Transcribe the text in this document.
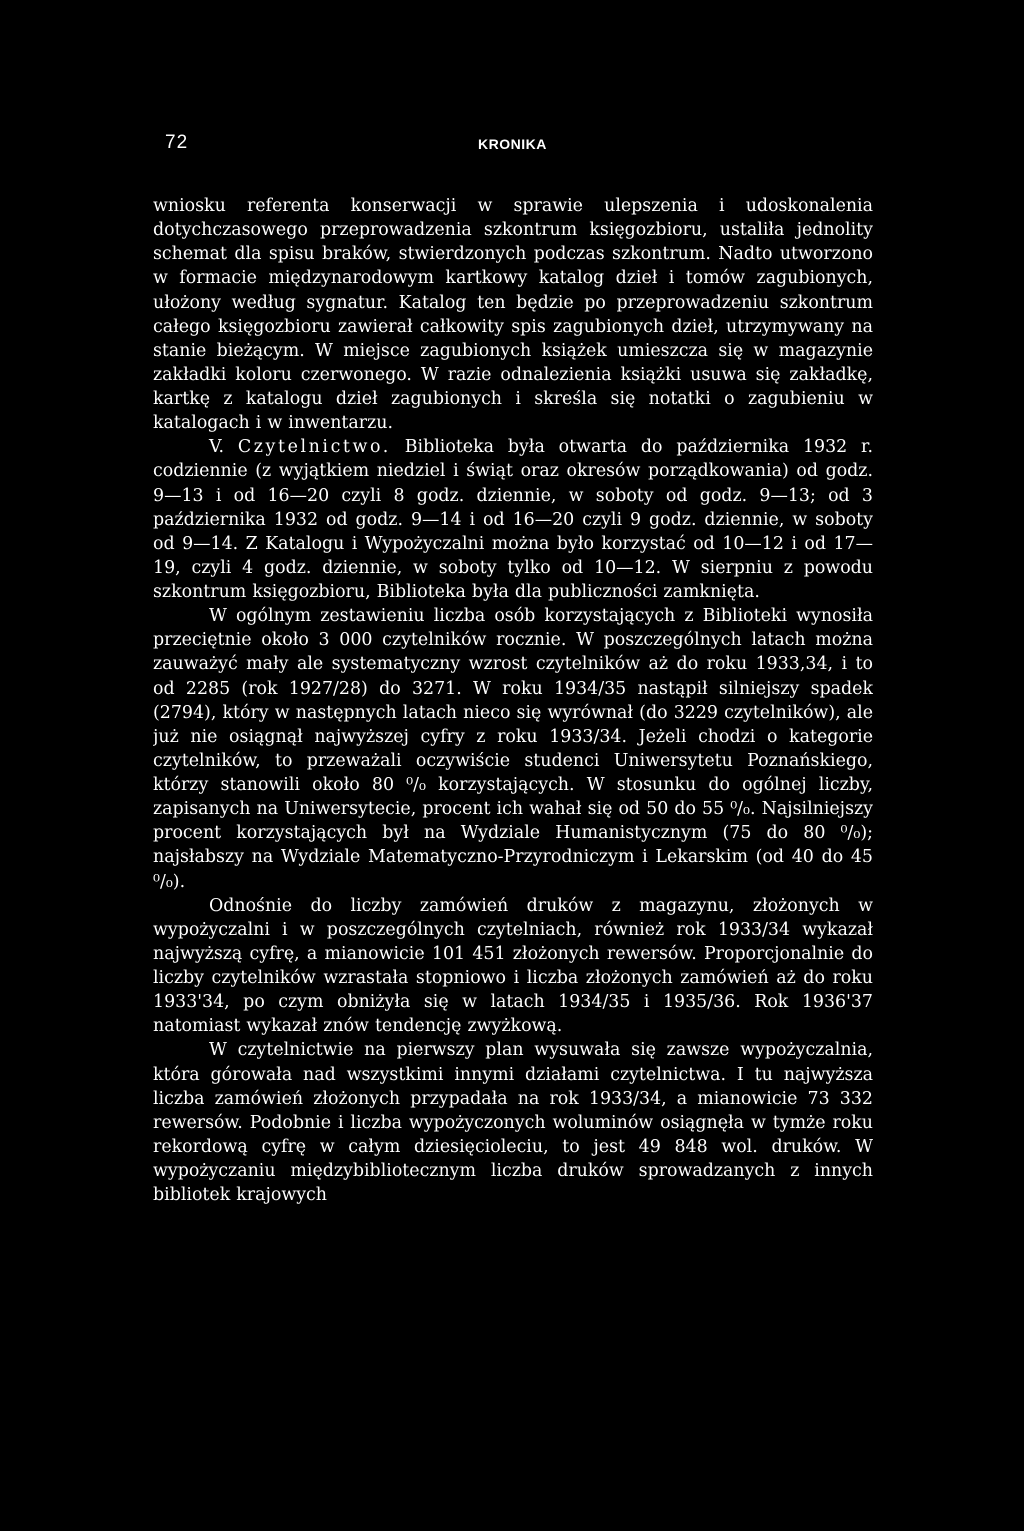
72	KRONIKA

wniosku referenta konserwacji w sprawie ulepszenia i udoskonalenia dotychczasowego przeprowadzenia szkontrum księgozbioru, ustaliła jednolity schemat dla spisu braków, stwierdzonych podczas szkontrum. Nadto utworzono w formacie międzynarodowym kartkowy katalog dzieł i tomów zagubionych, ułożony według sygnatur. Katalog ten będzie po przeprowadzeniu szkontrum całego księgozbioru zawierał całkowity spis zagubionych dzieł, utrzymywany na stanie bieżącym. W miejsce zagubionych książek umieszcza się w magazynie zakładki koloru czerwonego. W razie odnalezienia książki usuwa się zakładkę, kartkę z katalogu dzieł zagubionych i skreśla się notatki o zagubieniu w katalogach i w inwentarzu.

V. Czytelnictwo. Biblioteka była otwarta do października 1932 r. codziennie (z wyjątkiem niedziel i świąt oraz okresów porządkowania) od godz. 9—13 i od 16—20 czyli 8 godz. dziennie, w soboty od godz. 9—13; od 3 października 1932 od godz. 9—14 i od 16—20 czyli 9 godz. dziennie, w soboty od 9—14. Z Katalogu i Wypożyczalni można było korzystać od 10—12 i od 17—19, czyli 4 godz. dziennie, w soboty tylko od 10—12. W sierpniu z powodu szkontrum księgozbioru, Biblioteka była dla publiczności zamknięta.

W ogólnym zestawieniu liczba osób korzystających z Biblioteki wynosiła przeciętnie około 3 000 czytelników rocznie. W poszczególnych latach można zauważyć mały ale systematyczny wzrost czytelników aż do roku 1933,34, i to od 2285 (rok 1927/28) do 3271. W roku 1934/35 nastąpił silniejszy spadek (2794), który w następnych latach nieco się wyrównał (do 3229 czytelników), ale już nie osiągnął najwyższej cyfry z roku 1933/34. Jeżeli chodzi o kategorie czytelników, to przeważali oczywiście studenci Uniwersytetu Poznańskiego, którzy stanowili około 80 ⁰/₀ korzystających. W stosunku do ogólnej liczby, zapisanych na Uniwersytecie, procent ich wahał się od 50 do 55 ⁰/₀. Najsilniejszy procent korzystających był na Wydziale Humanistycznym (75 do 80 ⁰/₀); najsłabszy na Wydziale Matematyczno-Przyrodniczym i Lekarskim (od 40 do 45 ⁰/₀).

Odnośnie do liczby zamówień druków z magazynu, złożonych w wypożyczalni i w poszczególnych czytelniach, również rok 1933/34 wykazał najwyższą cyfrę, a mianowicie 101 451 złożonych rewersów. Proporcjonalnie do liczby czytelników wzrastała stopniowo i liczba złożonych zamówień aż do roku 1933'34, po czym obniżyła się w latach 1934/35 i 1935/36. Rok 1936'37 natomiast wykazał znów tendencję zwyżkową.

W czytelnictwie na pierwszy plan wysuwała się zawsze wypożyczalnia, która górowała nad wszystkimi innymi działami czytelnictwa. I tu najwyższa liczba zamówień złożonych przypadała na rok 1933/34, a mianowicie 73 332 rewersów. Podobnie i liczba wypożyczonych woluminów osiągnęła w tymże roku rekordową cyfrę w całym dziesięcioleciu, to jest 49 848 wol. druków. W wypożyczaniu międzybibliotecznym liczba druków sprowadzanych z innych bibliotek krajowych
